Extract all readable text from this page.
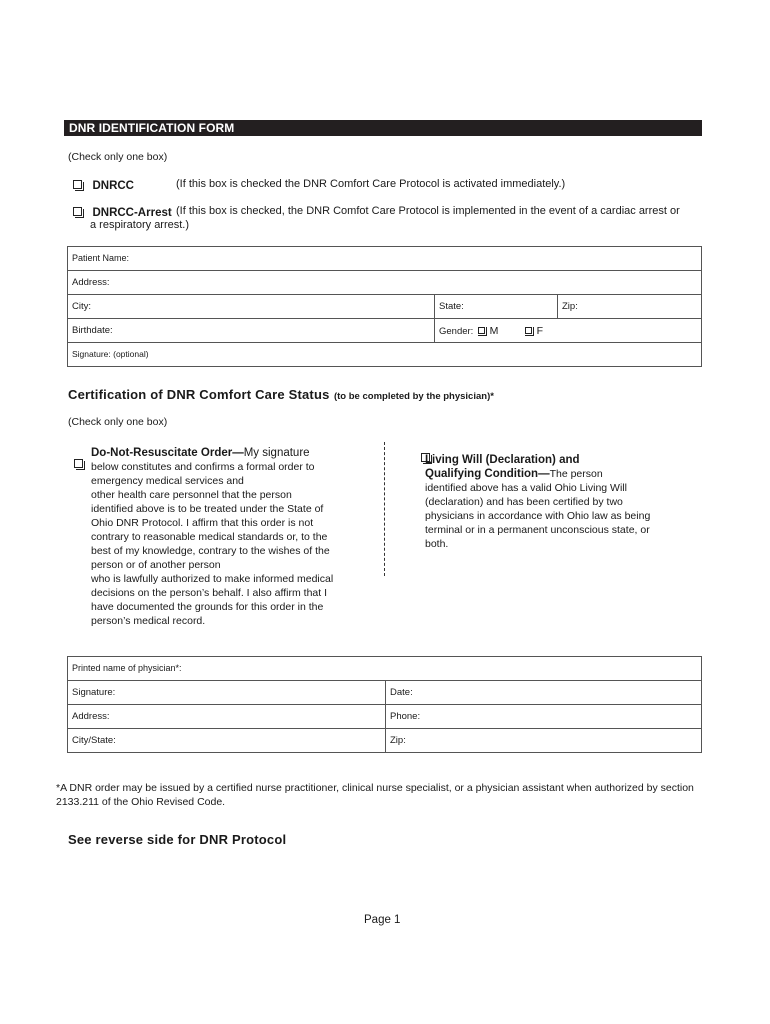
DNR IDENTIFICATION FORM
(Check only one box)
DNRCC	(If this box is checked the DNR Comfort Care Protocol is activated immediately.)
DNRCC-Arrest (If this box is checked, the DNR Comfot Care Protocol is implemented in the event of a cardiac arrest or
a respiratory arrest.)
Patient Name:		
Address:		
City:	State:	Zip:
Birthdate:	Gender: M F	
Signature: (optional)		
Certification of DNR Comfort Care Status (to be completed by the physician)*
(Check only one box)

Do-Not-Resuscitate Order—My signature
below constitutes and confirms a formal order to
emergency medical services and
other health care personnel that the person
identified above is to be treated under the State of
Ohio DNR Protocol. I affirm that this order is not
contrary to reasonable medical standards or, to the
best of my knowledge, contrary to the wishes of the
person or of another person
who is lawfully authorized to make informed medical
decisions on the person’s behalf. I also affirm that I
have documented the grounds for this order in the
person’s medical record.
Living Will (Declaration) and
Qualifying Condition—The person
identified above has a valid Ohio Living Will
(declaration) and has been certified by two
physicians in accordance with Ohio law as being
terminal or in a permanent unconscious state, or
both.
Printed name of physician*:	
Signature:	Date:
Address:	Phone:
City/State:	Zip:
*A DNR order may be issued by a certified nurse practitioner, clinical nurse specialist, or a physician assistant when authorized by section
2133.211 of the Ohio Revised Code.
See reverse side for DNR Protocol
Page 1
